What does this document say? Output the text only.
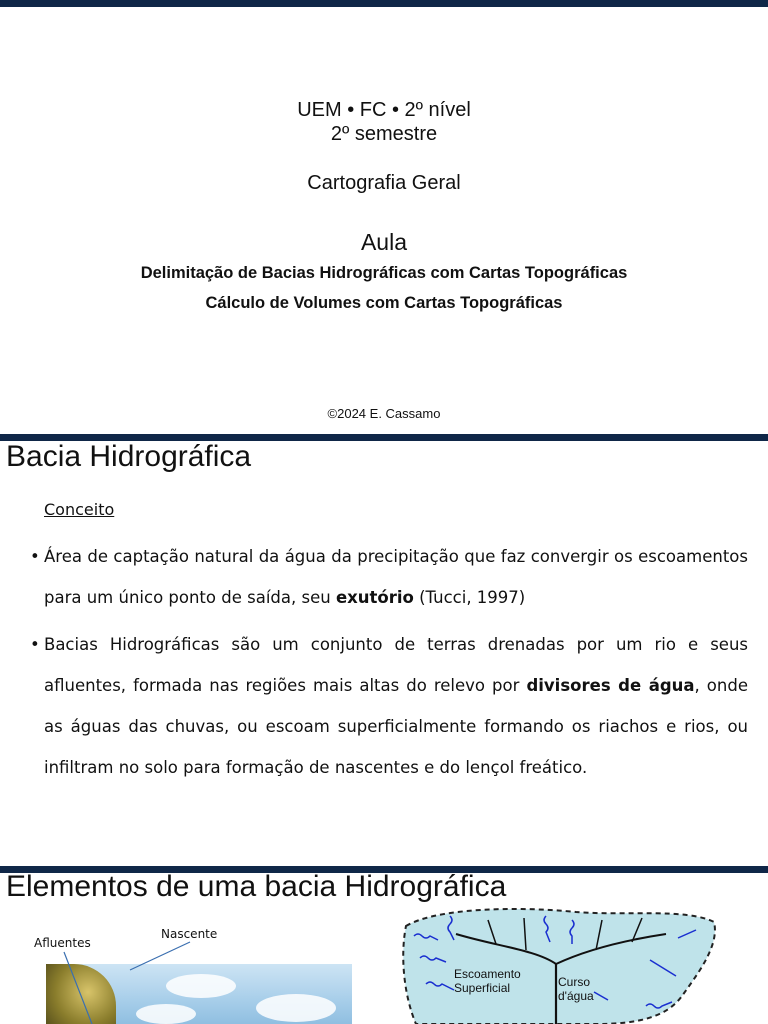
UEM • FC • 2º nível
2º semestre
Cartografia Geral
Aula
Delimitação de Bacias Hidrográficas com Cartas Topográficas
Cálculo de Volumes com Cartas Topográficas
©2024 E. Cassamo
Bacia Hidrográfica
Conceito
• Área de captação natural da água da precipitação que faz convergir os escoamentos para um único ponto de saída, seu exutório (Tucci, 1997)
• Bacias Hidrográficas são um conjunto de terras drenadas por um rio e seus afluentes, formada nas regiões mais altas do relevo por divisores de água, onde as águas das chuvas, ou escoam superficialmente formando os riachos e rios, ou infiltram no solo para formação de nascentes e do lençol freático.
Elementos de uma bacia Hidrográfica
Afluentes
Nascente
Escoamento
Superficial	Curso
d'água
